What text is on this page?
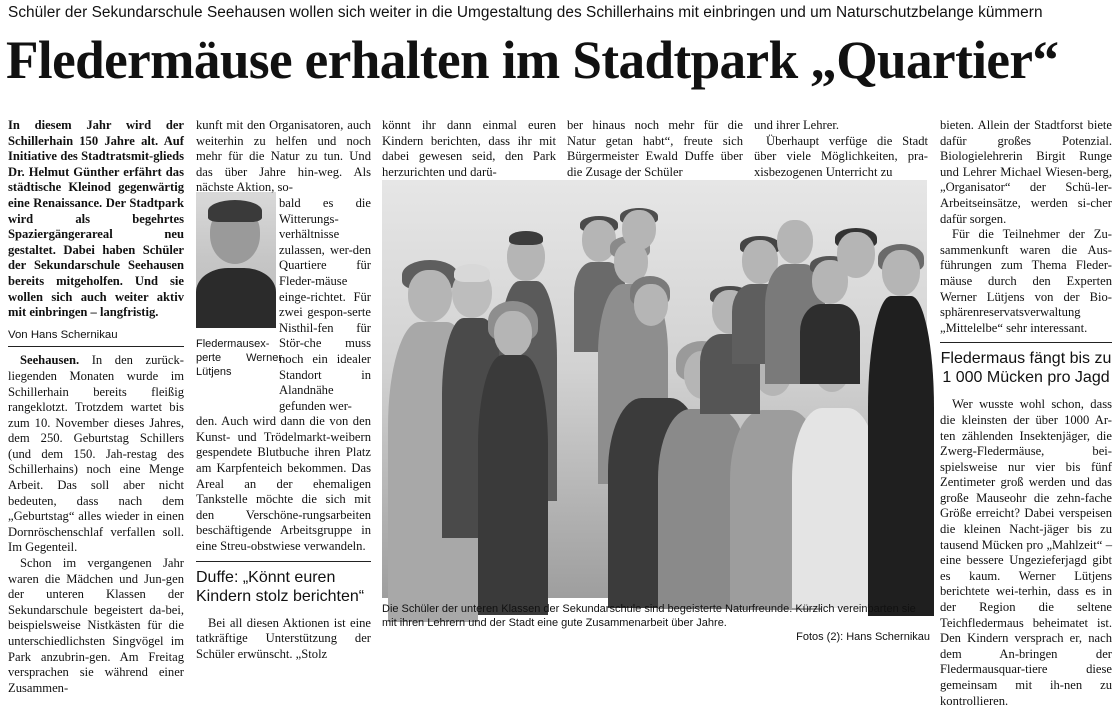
Schüler der Sekundarschule Seehausen wollen sich weiter in die Umgestaltung des Schillerhains mit einbringen und um Naturschutzbelange kümmern
Fledermäuse erhalten im Stadtpark „Quartier“

In diesem Jahr wird der Schillerhain 150 Jahre alt. Auf Initiative des Stadtratsmit-glieds Dr. Helmut Günther erfährt das städtische Kleinod gegenwärtig eine Renaissance. Der Stadtpark wird als begehrtes Spaziergängerareal neu gestaltet. Dabei haben Schüler der Sekundarschule Seehausen bereits mitgeholfen. Und sie wollen sich auch weiter aktiv mit einbringen – langfristig.

Von Hans Schernikau

Seehausen. In den zurück-liegenden Monaten wurde im Schillerhain bereits fleißig rangeklotzt. Trotzdem wartet bis zum 10. November dieses Jahres, dem 250. Geburtstag Schillers (und dem 150. Jah-restag des Schillerhains) noch eine Menge Arbeit. Das soll aber nicht bedeuten, dass nach dem „Geburtstag“ alles wieder in einen Dornröschenschlaf verfallen soll. Im Gegenteil.

Schon im vergangenen Jahr waren die Mädchen und Jun-gen der unteren Klassen der Sekundarschule begeistert da-bei, beispielsweise Nistkästen für die unterschiedlichsten Singvögel im Park anzubrin-gen. Am Freitag versprachen sie während einer Zusammen-

Fledermausex-perte Werner Lütjens

kunft mit den Organisatoren, auch weiterhin zu helfen und noch mehr für die Natur zu tun. Und das über Jahre hin-weg. Als nächste Aktion, so-

bald es die Witterungs-verhältnisse zulassen, wer-den Quartiere für Fleder-mäuse einge-richtet. Für zwei gespon-serte Nisthil-fen für Stör-che muss noch ein idealer Standort in Alandnähe gefunden wer-

den. Auch wird dann die von den Kunst- und Trödelmarkt-weibern gespendete Blutbuche ihren Platz am Karpfenteich bekommen. Das Areal an der ehemaligen Tankstelle möchte die sich mit den Verschöne-rungsarbeiten beschäftigende Arbeitsgruppe in eine Streu-obstwiese verwandeln.

Duffe: „Könnt euren Kindern stolz berichten“

Bei all diesen Aktionen ist eine tatkräftige Unterstützung der Schüler erwünscht. „Stolz

könnt ihr dann einmal euren Kindern berichten, dass ihr mit dabei gewesen seid, den Park herzurichten und darü-

ber hinaus noch mehr für die Natur getan habt“, freute sich Bürgermeister Ewald Duffe über die Zusage der Schüler

und ihrer Lehrer.

Überhaupt verfüge die Stadt über viele Möglichkeiten, pra-xisbezogenen Unterricht zu

Die Schüler der unteren Klassen der Sekundarschule sind begeisterte Naturfreunde. Kürzlich vereinbarten sie mit ihren Lehrern und der Stadt eine gute Zusammenarbeit über Jahre.
Fotos (2): Hans Schernikau

bieten. Allein der Stadtforst biete dafür großes Potenzial. Biologielehrerin Birgit Runge und Lehrer Michael Wiesen-berg, „Organisator“ der Schü-ler-Arbeitseinsätze, werden si-cher dafür sorgen.

Für die Teilnehmer der Zu-sammenkunft waren die Aus-führungen zum Thema Fleder-mäuse durch den Experten Werner Lütjens von der Bio-sphärenreservatsverwaltung „Mittelelbe“ sehr interessant.

Fledermaus fängt bis zu 1 000 Mücken pro Jagd

Wer wusste wohl schon, dass die kleinsten der über 1000 Ar-ten zählenden Insektenjäger, die Zwerg-Fledermäuse, bei-spielsweise nur vier bis fünf Zentimeter groß werden und das große Mauseohr die zehn-fache Größe erreicht? Dabei verspeisen die kleinen Nacht-jäger bis zu tausend Mücken pro „Mahlzeit“ – eine bessere Ungezieferjagd gibt es kaum. Werner Lütjens berichtete wei-terhin, dass es in der Region die seltene Teichfledermaus beheimatet ist. Den Kindern versprach er, nach dem An-bringen der Fledermausquar-tiere diese gemeinsam mit ih-nen zu kontrollieren.
